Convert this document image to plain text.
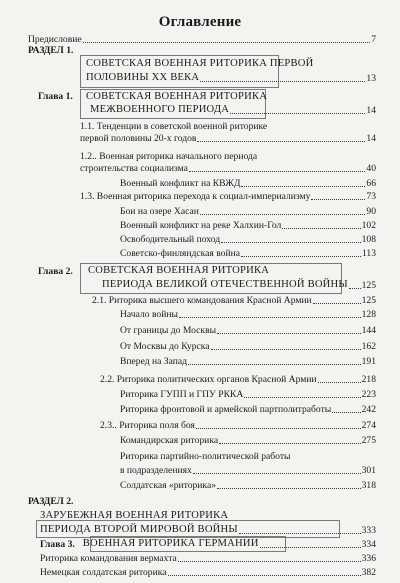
Оглавление
Предисловие	7
РАЗДЕЛ 1.
СОВЕТСКАЯ ВОЕННАЯ РИТОРИКА ПЕРВОЙ
ПОЛОВИНЫ XX ВЕКА	13
Глава 1. СОВЕТСКАЯ ВОЕННАЯ РИТОРИКА
МЕЖВОЕННОГО ПЕРИОДА	14
1.1. Тенденции в советской военной риторике
первой половины 20-х годов	14
1.2.. Военная риторика начального периода
строительства социализма	40
Военный конфликт на КВЖД	66
1.3. Военная риторика перехода к социал-империализму	73
Бои на озере Хасан	90
Военный конфликт на реке Халхин-Гол	102
Освободительный поход	108
Советско-финляндская война	113
Глава 2. СОВЕТСКАЯ ВОЕННАЯ РИТОРИКА
ПЕРИОДА ВЕЛИКОЙ ОТЕЧЕСТВЕННОЙ ВОЙНЫ 125
2.1. Риторика высшего командования Красной Армии	125
Начало войны	128
От границы до Москвы	144
От Москвы до Курска	162
Вперед на Запад	191
2.2. Риторика политических органов Красной Армии	218
Риторика ГУПП и ГПУ РККА	223
Риторика фронтовой и армейской партполитработы	242
2.3.. Риторика поля боя	274
Командирская риторика	275
Риторика партийно-политической работы
в подразделениях	301
Солдатская «риторика»	318
РАЗДЕЛ 2.
ЗАРУБЕЖНАЯ ВОЕННАЯ РИТОРИКА
ПЕРИОДА ВТОРОЙ МИРОВОЙ ВОЙНЫ	333
Глава 3. ВОЕННАЯ РИТОРИКА ГЕРМАНИИ	334
Риторика командования вермахта	336
Немецкая солдатская риторика	382
